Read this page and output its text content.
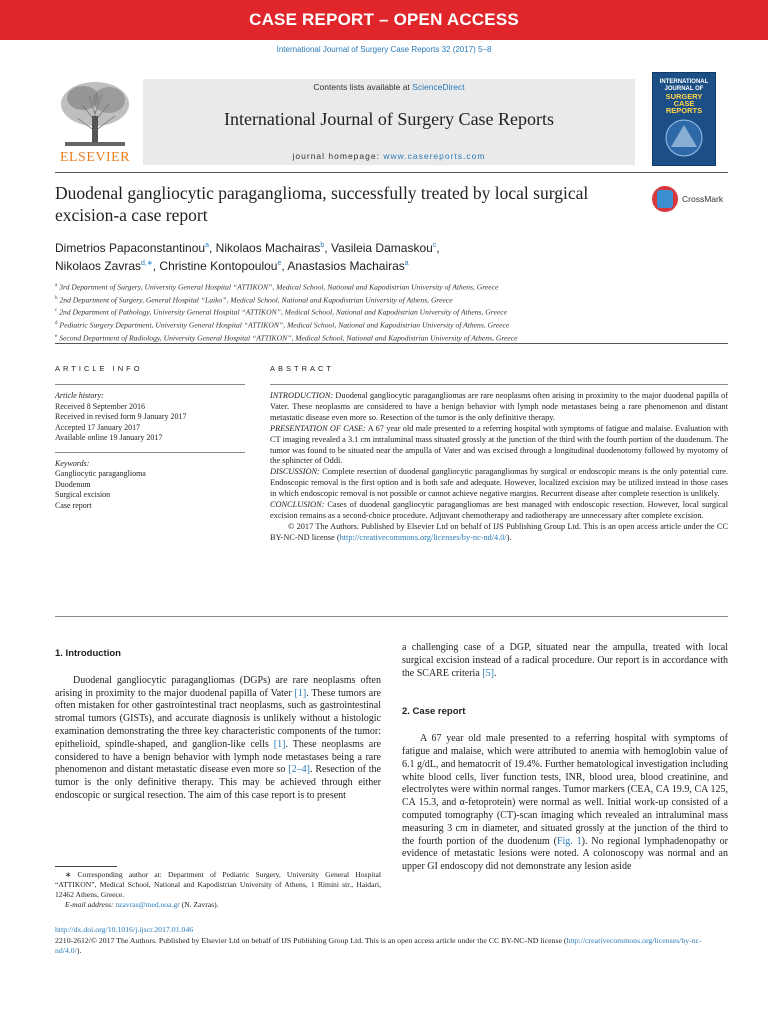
CASE REPORT – OPEN ACCESS
International Journal of Surgery Case Reports 32 (2017) 5–8
ELSEVIER
Contents lists available at ScienceDirect
International Journal of Surgery Case Reports
journal homepage: www.casereports.com
INTERNATIONAL JOURNAL OF
SURGERY CASE REPORTS
Duodenal gangliocytic paraganglioma, successfully treated by local surgical excision-a case report
CrossMark
Dimetrios Papaconstantinou$^a$, Nikolaos Machairas$^b$, Vasileia Damaskou$^c$,
Nikolaos Zavras$^{d,∗}$, Christine Kontopoulou$^e$, Anastasios Machairas$^a$
$^a$ 3rd Department of Surgery, University General Hospital “ATTIKON”, Medical School, National and Kapodistrian University of Athens, Greece
$^b$ 2nd Department of Surgery, General Hospital “Laiko”, Medical School, National and Kapodistrian University of Athens, Greece
$^c$ 2nd Department of Pathology, University General Hospital “ATTIKON”, Medical School, National and Kapodistrian University of Athens, Greece
$^d$ Pediatric Surgery Department, University General Hospital “ATTIKON”, Medical School, National and Kapodistrian University of Athens, Greece
$^e$ Second Department of Radiology, University General Hospital “ATTIKON”, Medical School, National and Kapodistrian University of Athens, Greece
ARTICLE INFO	ABSTRACT
Article history:
Received 8 September 2016
Received in revised form 9 January 2017
Accepted 17 January 2017
Available online 19 January 2017
Keywords:
Gangliocytic paraganglioma
Duodenum
Surgical excision
Case report

INTRODUCTION: Duodenal gangliocytic paragangliomas are rare neoplasms often arising in proximity to the major duodenal papilla of Vater. These neoplasms are considered to have a benign behavior with lymph node metastases being a rare phenomenon and distant metastatic disease even more so. Resection of the tumor is the only definitive therapy.

PRESENTATION OF CASE: A 67 year old male presented to a referring hospital with symptoms of fatigue and malaise. Evaluation with CT imaging revealed a 3.1 cm intraluminal mass situated grossly at the junction of the third with the fourth portion of the duodenum. The tumor was found to be situated near the ampulla of Vater and was excised through a longitudinal duodenotomy followed by myotomy of the sphincter of Oddi.

DISCUSSION: Complete resection of duodenal gangliocytic paragangliomas by surgical or endoscopic means is the only potential cure. Endoscopic removal is the first option and is both safe and adequate. However, localized excision may be utilized instead in those cases in which endoscopic removal is not possible or cannot achieve negative margins. Recurrent disease after complete resection is unlikely.

CONCLUSION: Cases of duodenal gangliocytic paragangliomas are best managed with endoscopic resection. However, local surgical excision remains as a second-choice procedure. Adjuvant chemotherapy and radiotherapy are unnecessary after complete excision.

© 2017 The Authors. Published by Elsevier Ltd on behalf of IJS Publishing Group Ltd. This is an open access article under the CC BY-NC-ND license (http://creativecommons.org/licenses/by-nc-nd/4.0/).

1. Introduction

Duodenal gangliocytic paragangliomas (DGPs) are rare neoplasms often arising in proximity to the major duodenal papilla of Vater [1]. These tumors are often mistaken for other gastrointestinal tract neoplasms, such as gastrointestinal stromal tumors (GISTs), and accurate diagnosis is unlikely without a histologic examination demonstrating the three key characteristic components of the tumor: epithelioid, spindle-shaped, and ganglion-like cells [1]. These neoplasms are considered to have a benign behavior with lymph node metastases being a rare phenomenon and distant metastatic disease even more so [2–4]. Resection of the tumor is the only definitive therapy. This may be achieved through either endoscopic or surgical resection. The aim of this case report is to present

a challenging case of a DGP, situated near the ampulla, treated with local surgical excision instead of a radical procedure. Our report is in accordance with the SCARE criteria [5].

2. Case report

A 67 year old male presented to a referring hospital with symptoms of fatigue and malaise, which were attributed to anemia with hemoglobin value of 6.1 g/dL, and hematocrit of 19.4%. Further hematological investigation including white blood cells, liver function tests, INR, blood urea, blood creatinine, and electrolytes were within normal ranges. Tumor markers (CEA, CA 19.9, CA 125, CA 15.3, and α-fetoprotein) were normal as well. Initial work-up consisted of a computed tomography (CT)-scan imaging which revealed an intraluminal mass measuring 3 cm in diameter, and situated grossly at the junction of the third to the fourth portion of the duodenum (Fig. 1). No regional lymphadenopathy or evidence of metastatic lesions were noted. A colonoscopy was normal and an upper GI endoscopy did not demonstrate any lesion aside

∗ Corresponding author at: Department of Pediatric Surgery, University General Hospital “ATTIKON”, Medical School, National and Kapodistrian University of Athens, 1 Rimini str., Haidari, 12462 Athens, Greece.

E-mail address: nzavras@med.uoa.gr (N. Zavras).

http://dx.doi.org/10.1016/j.ijscr.2017.01.046
2210-2612/© 2017 The Authors. Published by Elsevier Ltd on behalf of IJS Publishing Group Ltd. This is an open access article under the CC BY-NC-ND license (http://creativecommons.org/licenses/by-nc-nd/4.0/).
